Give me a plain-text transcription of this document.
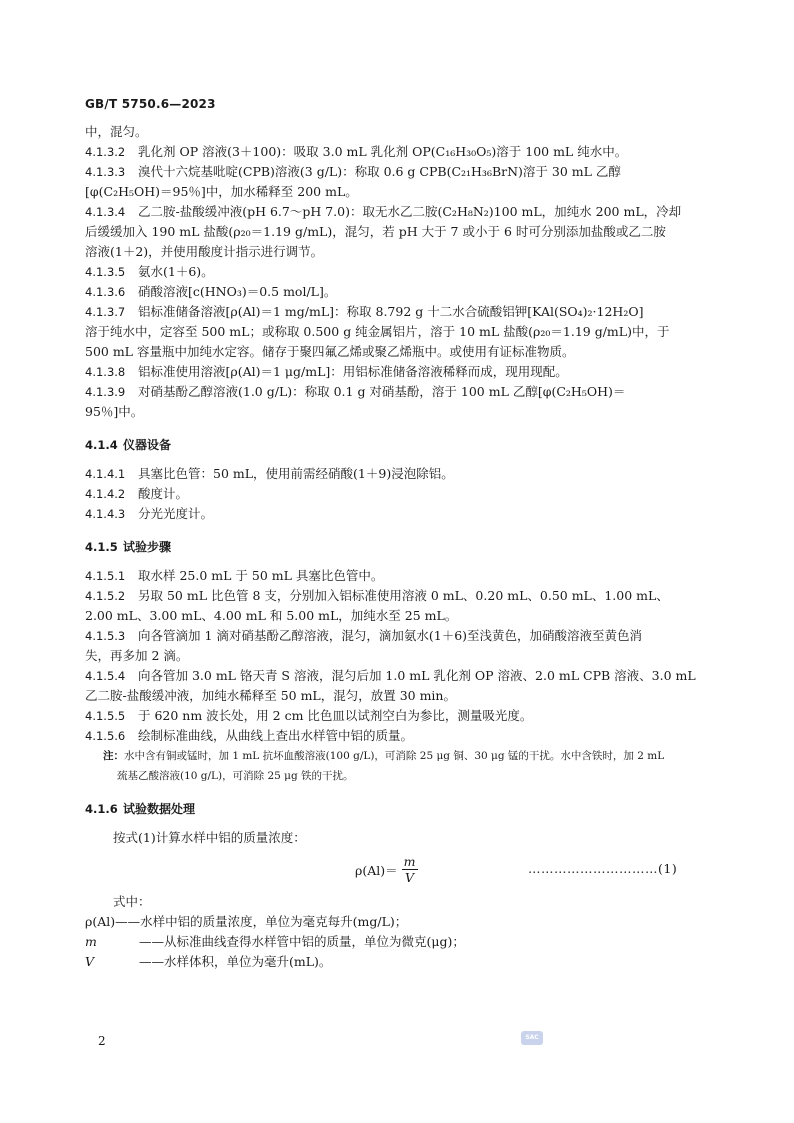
GB/T 5750.6—2023
中，混匀。
4.1.3.2 乳化剂 OP 溶液(3＋100)：吸取 3.0 mL 乳化剂 OP(C₁₆H₃₀O₅)溶于 100 mL 纯水中。
4.1.3.3 溴代十六烷基吡啶(CPB)溶液(3 g/L)：称取 0.6 g CPB(C₂₁H₃₆BrN)溶于 30 mL 乙醇
[φ(C₂H₅OH)＝95％]中，加水稀释至 200 mL。
4.1.3.4 乙二胺-盐酸缓冲液(pH 6.7～pH 7.0)：取无水乙二胺(C₂H₈N₂)100 mL，加纯水 200 mL，冷却
后缓缓加入 190 mL 盐酸(ρ₂₀＝1.19 g/mL)，混匀，若 pH 大于 7 或小于 6 时可分别添加盐酸或乙二胺
溶液(1＋2)，并使用酸度计指示进行调节。
4.1.3.5 氨水(1＋6)。
4.1.3.6 硝酸溶液[c(HNO₃)＝0.5 mol/L]。
4.1.3.7 铝标准储备溶液[ρ(Al)＝1 mg/mL]：称取 8.792 g 十二水合硫酸铝钾[KAl(SO₄)₂·12H₂O]
溶于纯水中，定容至 500 mL；或称取 0.500 g 纯金属铝片，溶于 10 mL 盐酸(ρ₂₀＝1.19 g/mL)中，于
500 mL 容量瓶中加纯水定容。储存于聚四氟乙烯或聚乙烯瓶中。或使用有证标准物质。
4.1.3.8 铝标准使用溶液[ρ(Al)＝1 μg/mL]：用铝标准储备溶液稀释而成，现用现配。
4.1.3.9 对硝基酚乙醇溶液(1.0 g/L)：称取 0.1 g 对硝基酚，溶于 100 mL 乙醇[φ(C₂H₅OH)＝
95％]中。
4.1.4 仪器设备
4.1.4.1 具塞比色管：50 mL，使用前需经硝酸(1＋9)浸泡除铝。
4.1.4.2 酸度计。
4.1.4.3 分光光度计。
4.1.5 试验步骤
4.1.5.1 取水样 25.0 mL 于 50 mL 具塞比色管中。
4.1.5.2 另取 50 mL 比色管 8 支，分别加入铝标准使用溶液 0 mL、0.20 mL、0.50 mL、1.00 mL、
2.00 mL、3.00 mL、4.00 mL 和 5.00 mL，加纯水至 25 mL。
4.1.5.3 向各管滴加 1 滴对硝基酚乙醇溶液，混匀，滴加氨水(1＋6)至浅黄色，加硝酸溶液至黄色消
失，再多加 2 滴。
4.1.5.4 向各管加 3.0 mL 铬天青 S 溶液，混匀后加 1.0 mL 乳化剂 OP 溶液、2.0 mL CPB 溶液、3.0 mL
乙二胺-盐酸缓冲液，加纯水稀释至 50 mL，混匀，放置 30 min。
4.1.5.5 于 620 nm 波长处，用 2 cm 比色皿以试剂空白为参比，测量吸光度。
4.1.5.6 绘制标准曲线，从曲线上查出水样管中铝的质量。
注：水中含有铜或锰时，加 1 mL 抗坏血酸溶液(100 g/L)，可消除 25 μg 铜、30 μg 锰的干扰。水中含铁时，加 2 mL
巯基乙酸溶液(10 g/L)，可消除 25 μg 铁的干扰。
4.1.6 试验数据处理
按式(1)计算水样中铝的质量浓度：
$\rho(Al)= \frac{m}{V}$	…………………………(1)
式中：
ρ(Al) ——水样中铝的质量浓度，单位为毫克每升(mg/L)；
m	——从标准曲线查得水样管中铝的质量，单位为微克(μg)；
V	——水样体积，单位为毫升(mL)。
2	SAC
